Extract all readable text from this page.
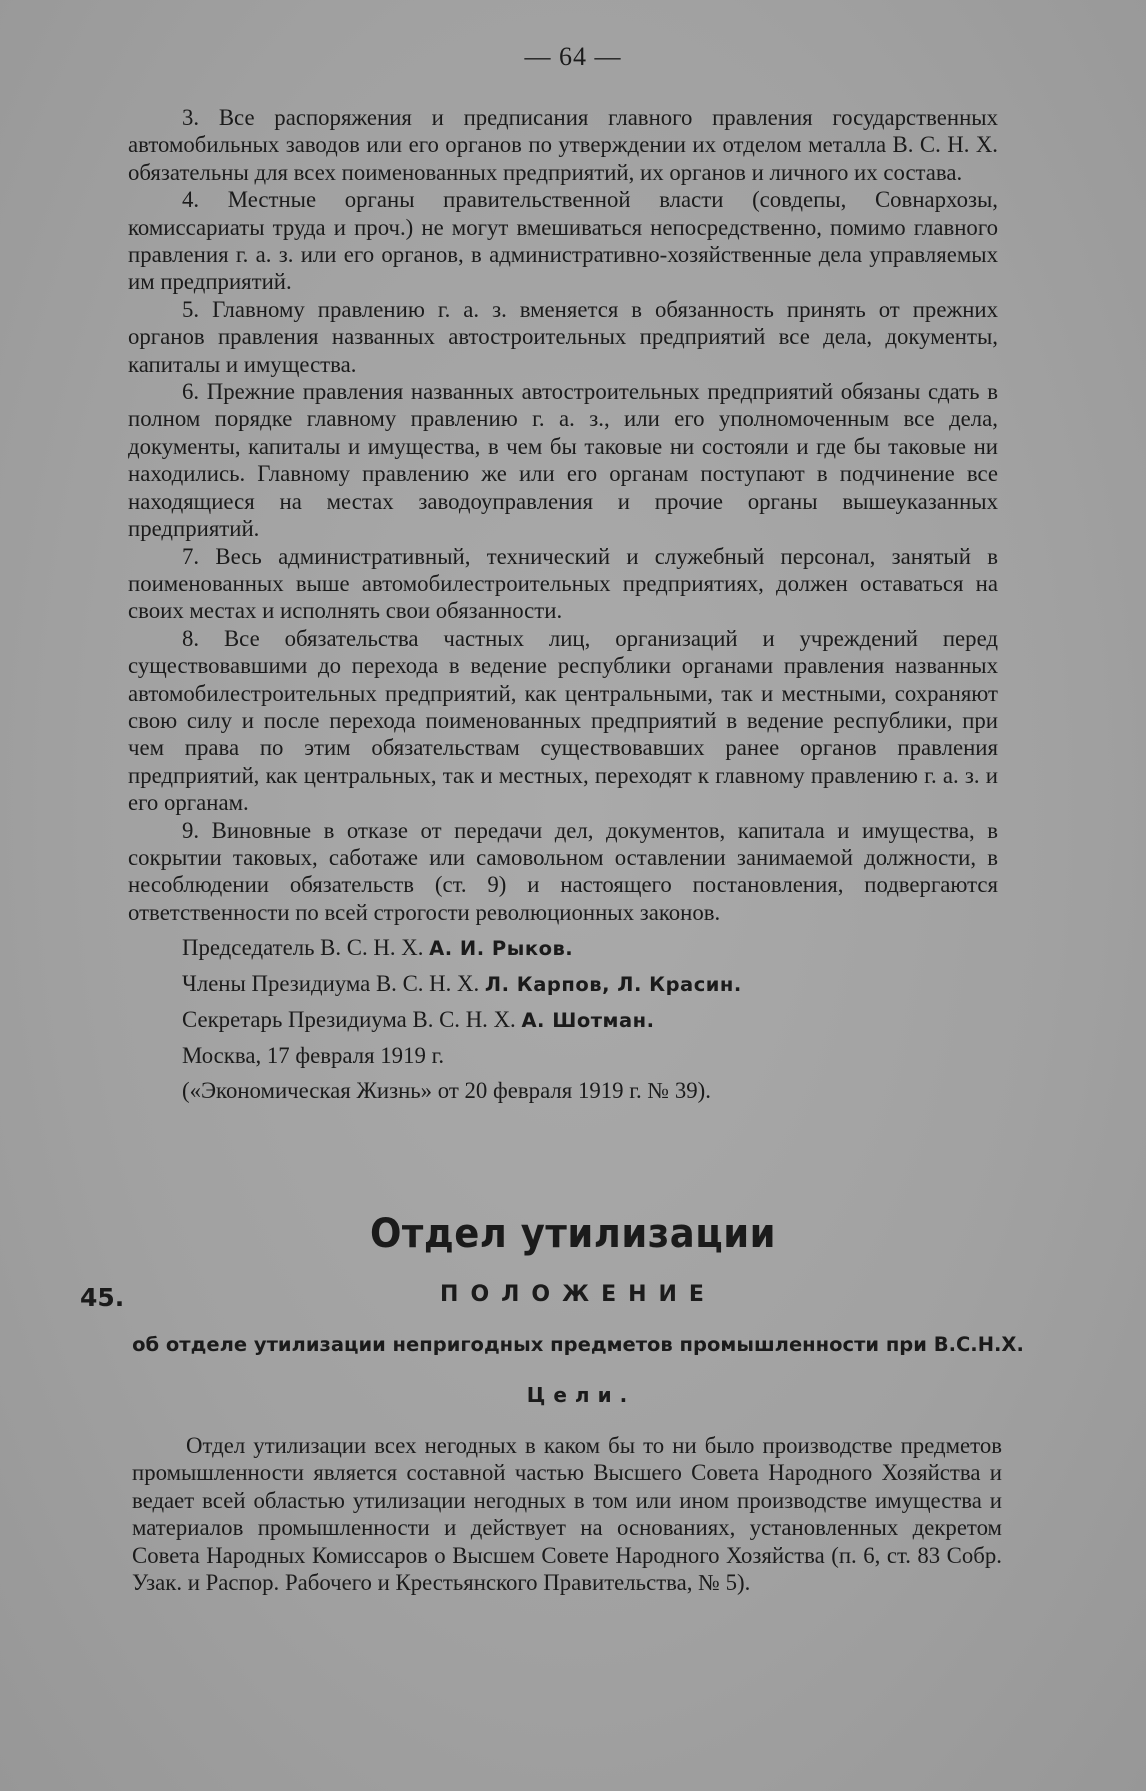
— 64 —

3. Все распоряжения и предписания главного правления государственных автомобильных заводов или его органов по утверждении их отделом металла В. С. Н. Х. обязательны для всех поименованных предприятий, их органов и личного их состава.

4. Местные органы правительственной власти (совдепы, Совнархозы, комиссариаты труда и проч.) не могут вмешиваться непосредственно, помимо главного правления г. а. з. или его органов, в административно-хозяйственные дела управляемых им предприятий.

5. Главному правлению г. а. з. вменяется в обязанность принять от прежних органов правления названных автостроительных предприятий все дела, документы, капиталы и имущества.

6. Прежние правления названных автостроительных предприятий обязаны сдать в полном порядке главному правлению г. а. з., или его уполномоченным все дела, документы, капиталы и имущества, в чем бы таковые ни состояли и где бы таковые ни находились. Главному правлению же или его органам поступают в подчинение все находящиеся на местах заводоуправления и прочие органы вышеуказанных предприятий.

7. Весь административный, технический и служебный персонал, занятый в поименованных выше автомобилестроительных предприятиях, должен оставаться на своих местах и исполнять свои обязанности.

8. Все обязательства частных лиц, организаций и учреждений перед существовавшими до перехода в ведение республики органами правления названных автомобилестроительных предприятий, как центральными, так и местными, сохраняют свою силу и после перехода поименованных предприятий в ведение республики, при чем права по этим обязательствам существовавших ранее органов правления предприятий, как центральных, так и местных, переходят к главному правлению г. а. з. и его органам.

9. Виновные в отказе от передачи дел, документов, капитала и имущества, в сокрытии таковых, саботаже или самовольном оставлении занимаемой должности, в несоблюдении обязательств (ст. 9) и настоящего постановления, подвергаются ответственности по всей строгости революционных законов.

Председатель В. С. Н. Х. А. И. Рыков.

Члены Президиума В. С. Н. Х. Л. Карпов, Л. Красин.

Секретарь Президиума В. С. Н. Х. А. Шотман.

Москва, 17 февраля 1919 г.

(«Экономическая Жизнь» от 20 февраля 1919 г. № 39).

Отдел утилизации
45.	ПОЛОЖЕНИЕ
об отделе утилизации непригодных предметов промышленности при В.С.Н.Х.
Цели.

Отдел утилизации всех негодных в каком бы то ни было производстве предметов промышленности является составной частью Высшего Совета Народного Хозяйства и ведает всей областью утилизации негодных в том или ином производстве имущества и материалов промышленности и действует на основаниях, установленных декретом Совета Народных Комиссаров о Высшем Совете Народного Хозяйства (п. 6, ст. 83 Собр. Узак. и Распор. Рабочего и Крестьянского Правительства, № 5).
